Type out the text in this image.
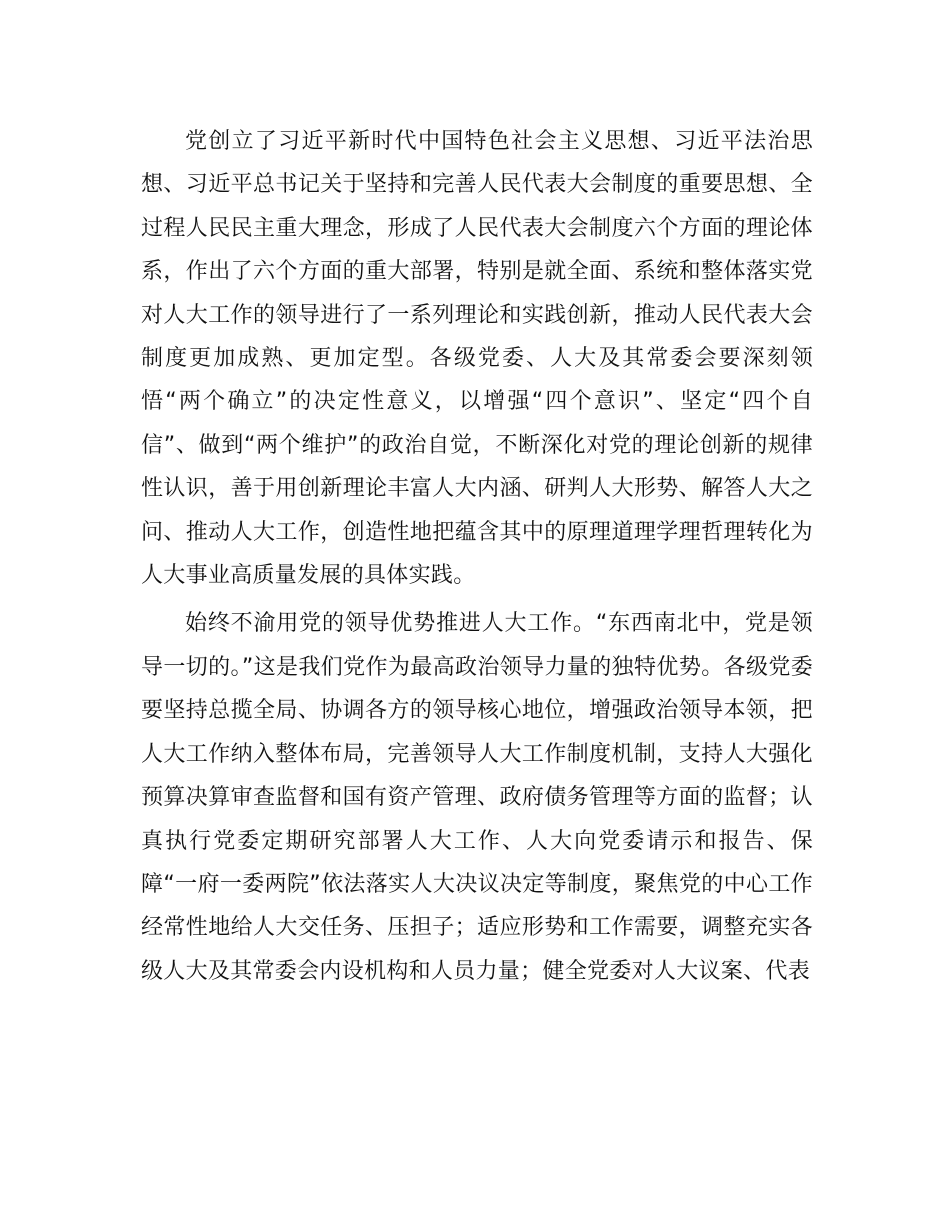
党创立了习近平新时代中国特色社会主义思想、习近平法治思想、习近平总书记关于坚持和完善人民代表大会制度的重要思想、全过程人民民主重大理念，形成了人民代表大会制度六个方面的理论体系，作出了六个方面的重大部署，特别是就全面、系统和整体落实党对人大工作的领导进行了一系列理论和实践创新，推动人民代表大会制度更加成熟、更加定型。各级党委、人大及其常委会要深刻领悟“两个确立”的决定性意义，以增强“四个意识”、坚定“四个自信”、做到“两个维护”的政治自觉，不断深化对党的理论创新的规律性认识，善于用创新理论丰富人大内涵、研判人大形势、解答人大之问、推动人大工作，创造性地把蕴含其中的原理道理学理哲理转化为人大事业高质量发展的具体实践。

始终不渝用党的领导优势推进人大工作。“东西南北中，党是领导一切的。”这是我们党作为最高政治领导力量的独特优势。各级党委要坚持总揽全局、协调各方的领导核心地位，增强政治领导本领，把人大工作纳入整体布局，完善领导人大工作制度机制，支持人大强化预算决算审查监督和国有资产管理、政府债务管理等方面的监督；认真执行党委定期研究部署人大工作、人大向党委请示和报告、保障“一府一委两院”依法落实人大决议决定等制度，聚焦党的中心工作经常性地给人大交任务、压担子；适应形势和工作需要，调整充实各级人大及其常委会内设机构和人员力量；健全党委对人大议案、代表
